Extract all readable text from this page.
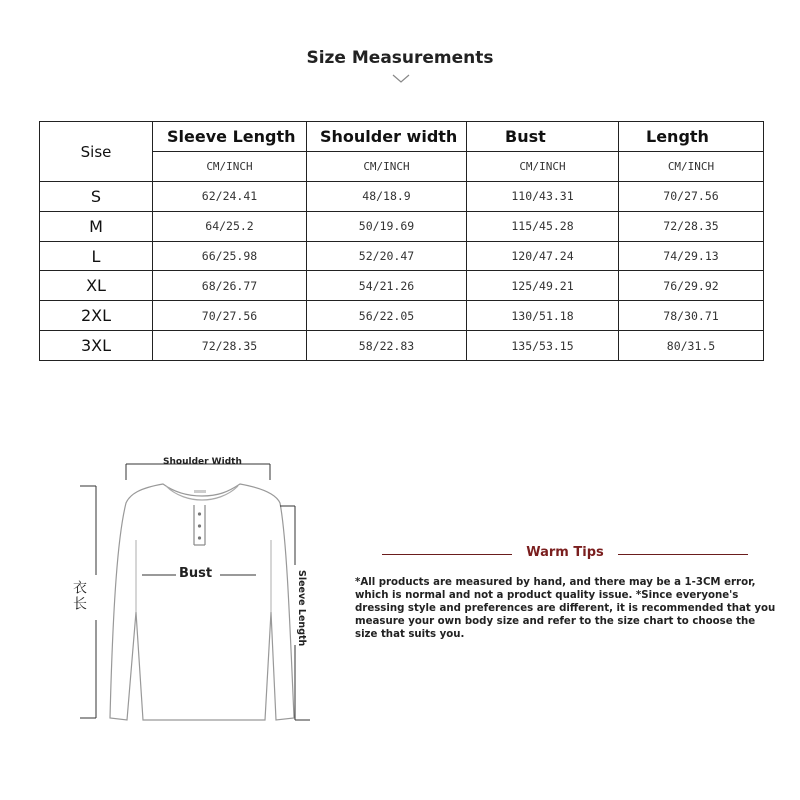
Size Measurements
Sise	Sleeve Length	Shoulder width	Bust	Length
	CM/INCH	CM/INCH	CM/INCH	CM/INCH
S	62/24.41	48/18.9	110/43.31	70/27.56
M	64/25.2	50/19.69	115/45.28	72/28.35
L	66/25.98	52/20.47	120/47.24	74/29.13
XL	68/26.77	54/21.26	125/49.21	76/29.92
2XL	70/27.56	56/22.05	130/51.18	78/30.71
3XL	72/28.35	58/22.83	135/53.15	80/31.5
Shoulder Width
Bust
衣长	Sleeve Length
Warm Tips
*All products are measured by hand, and there may be a 1-3CM error, which is normal and not a product quality issue. *Since everyone's dressing style and preferences are different, it is recommended that you measure your own body size and refer to the size chart to choose the size that suits you.
